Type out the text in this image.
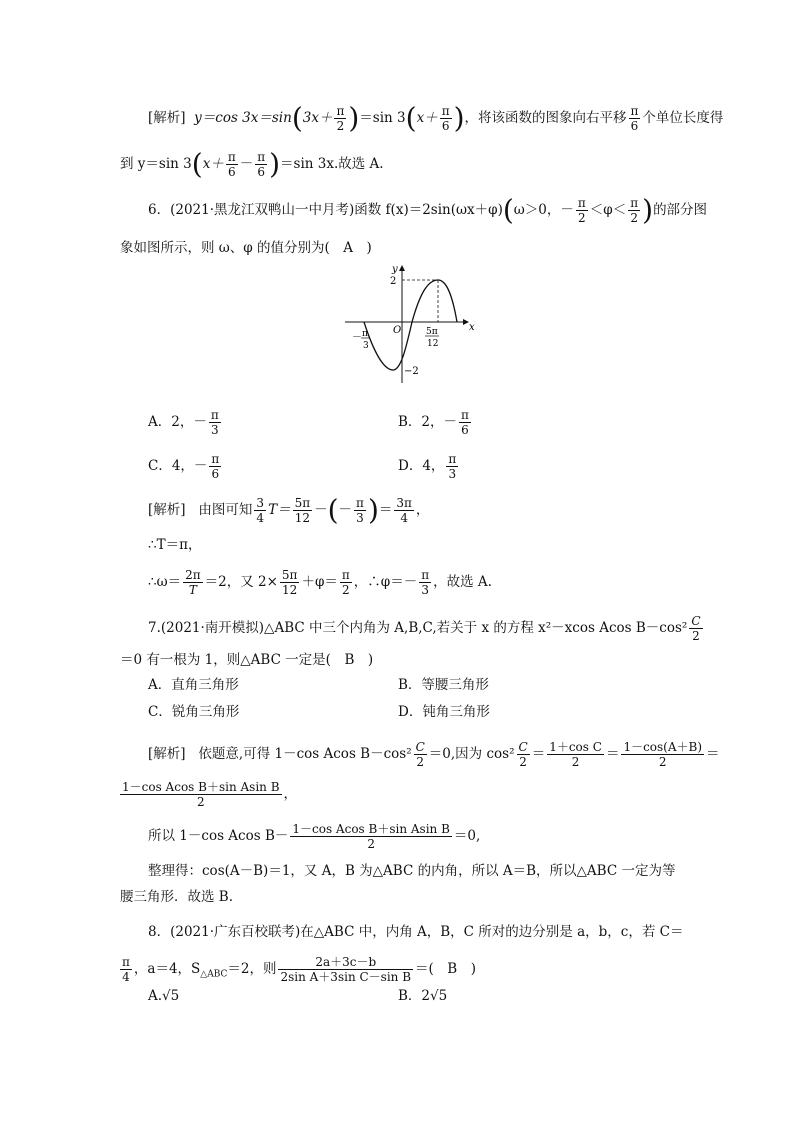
[解析] y＝cos $3x=\sin(3x+ \frac{\pi}{2} )=\sin$ $3(x+ \frac{\pi}{6}$ )，将该函数的图象向右平移 $\frac{\pi}{6}$ 个单位长度得
到 y＝sin $3(x+ \frac{\pi}{6} - \frac{\pi}{6} )=\sin$ 3x.故选 A.
6．(2021·黑龙江双鸭山一中月考)函数 f(x)＝2sin(ωx＋φ)(ω＞0，－ $\frac{\pi}{2} <\varphi< \frac{\pi}{2}$ )的部分图
象如图所示，则 ω、φ 的值分别为(　A　)
y
x
O
2
−2
－ π
3
5π
12
A．2，－ $\frac{\pi}{3}$	B．2，－ $\frac{\pi}{6}$
C．4，－ $\frac{\pi}{6}$	D．4， $\frac{\pi}{3}$
[解析] 由图可知 $\frac{3}{4} T= \frac{5\pi}{12}$ －(－ $\frac{\pi}{3}$ )＝ $\frac{3\pi}{4}$ ，
∴T＝π，
∴ω＝ $\frac{2\pi}{T} =2$，又 $2\times \frac{5\pi}{12} +\varphi= \frac{\pi}{2}$ ，∴φ＝－ $\frac{\pi}{3}$ ，故选 A.
7.(2021·南开模拟)△ABC 中三个内角为 A,B,C,若关于 x 的方程 x²－xcos Acos $B-\cos^2 \frac{C}{2}$
＝0 有一根为 1，则△ABC 一定是(　B　)
A．直角三角形	B．等腰三角形
C．锐角三角形	D．钝角三角形
[解析] 依题意,可得 1－cos Acos $B-\cos^2 \frac{C}{2} =0$,因为 $\cos^2 \frac{C}{2} = \frac{\text{1＋cos C}}{2} = \frac{1-\cos(A+B)}{2}$ ＝
$\frac{\text{1－cos Acos B＋sin Asin B}}{2}$ ，
所以 1－cos Acos $B- \frac{\text{1－cos Acos B＋sin Asin B}}{2} =0$,
整理得：cos(A－B)＝1，又 A，B 为△ABC 的内角，所以 A＝B，所以△ABC 一定为等
腰三角形．故选 B.
8．(2021·广东百校联考)在△ABC 中，内角 A，B，C 所对的边分别是 a，b，c，若 C＝
$\frac{\pi}{4}$ ，a＝4，$S_{\triangle ABC}=2$，则 $\frac{2a+3c-b}{\text{2sin A＋3sin C－sin B}}$ ＝(　B　)
A.√5	B．2√5
